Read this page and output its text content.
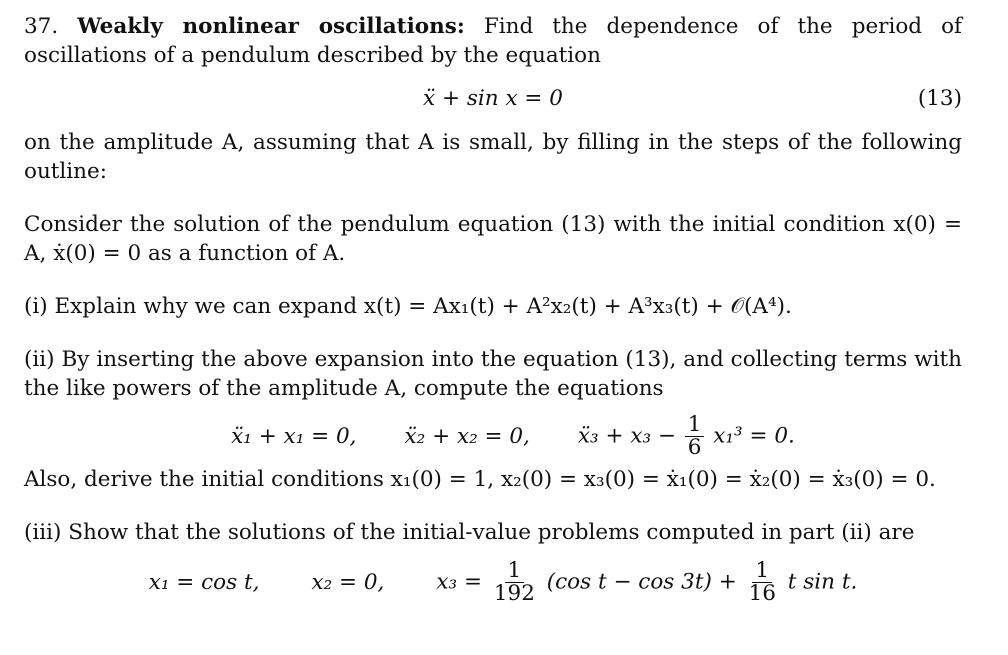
37. Weakly nonlinear oscillations: Find the dependence of the period of oscillations of a pendulum described by the equation

ẍ + sin x = 0	(13)

on the amplitude A, assuming that A is small, by filling in the steps of the following outline:

Consider the solution of the pendulum equation (13) with the initial condition x(0) = A, ẋ(0) = 0 as a function of A.

(i) Explain why we can expand x(t) = Ax₁(t) + A²x₂(t) + A³x₃(t) + 𝒪(A⁴).

(ii) By inserting the above expansion into the equation (13), and collecting terms with the like powers of the amplitude A, compute the equations

ẍ₁ + x₁ = 0, ẍ₂ + x₂ = 0, ẍ₃ + $x_3 - \frac{1}{6} x_1^3 = 0$.

Also, derive the initial conditions x₁(0) = 1, x₂(0) = x₃(0) = ẋ₁(0) = ẋ₂(0) = ẋ₃(0) = 0.

(iii) Show that the solutions of the initial-value problems computed in part (ii) are

x₁ = cos t, x₂ = 0, $x_3 = \frac{1}{192} (\cos$ $t - \cos 3t) + \frac{1}{16}$ t sin t.
